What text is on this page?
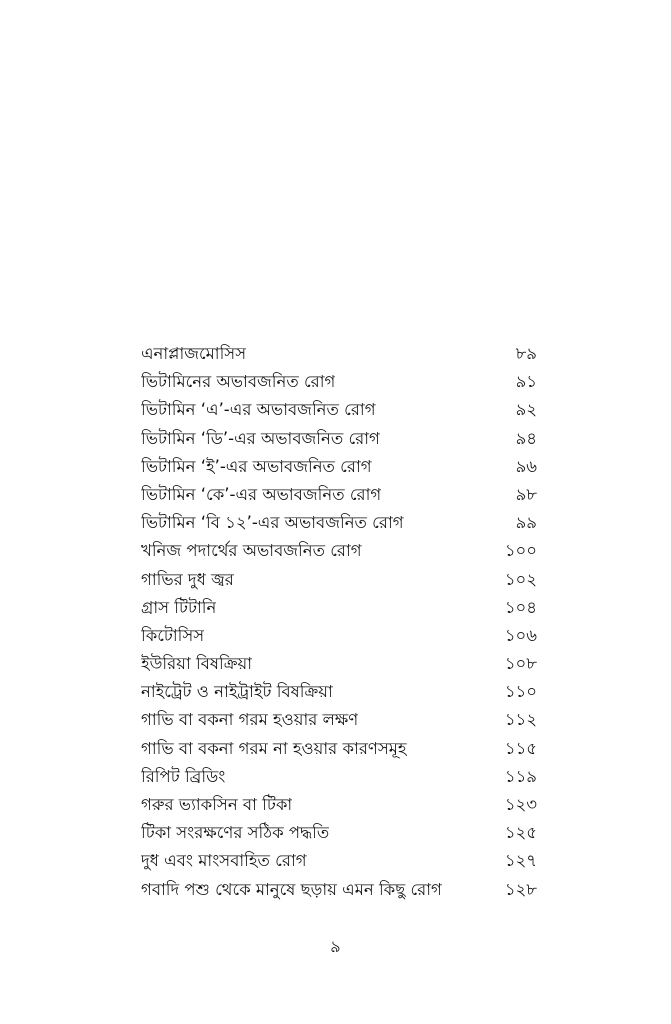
এনাপ্লাজমোসিস	৮৯
ভিটামিনের অভাবজনিত রোগ	৯১
ভিটামিন ‘এ’-এর অভাবজনিত রোগ	৯২
ভিটামিন ‘ডি’-এর অভাবজনিত রোগ	৯৪
ভিটামিন ‘ই’-এর অভাবজনিত রোগ	৯৬
ভিটামিন ‘কে’-এর অভাবজনিত রোগ	৯৮
ভিটামিন ‘বি ১২’-এর অভাবজনিত রোগ	৯৯
খনিজ পদার্থের অভাবজনিত রোগ	১০০
গাভির দুধ জ্বর	১০২
গ্রাস টিটানি	১০৪
কিটোসিস	১০৬
ইউরিয়া বিষক্রিয়া	১০৮
নাইট্রেট ও নাইট্রাইট বিষক্রিয়া	১১০
গাভি বা বকনা গরম হওয়ার লক্ষণ	১১২
গাভি বা বকনা গরম না হওয়ার কারণসমূহ	১১৫
রিপিট ব্রিডিং	১১৯
গরুর ভ্যাকসিন বা টিকা	১২৩
টিকা সংরক্ষণের সঠিক পদ্ধতি	১২৫
দুধ এবং মাংসবাহিত রোগ	১২৭
গবাদি পশু থেকে মানুষে ছড়ায় এমন কিছু রোগ	১২৮
৯
